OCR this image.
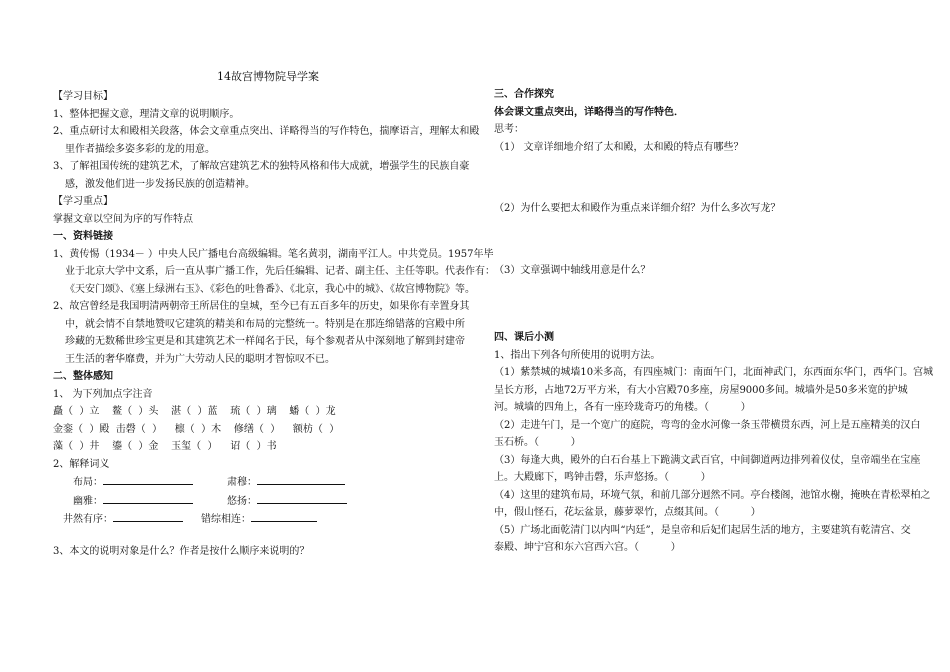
14故宫博物院导学案
【学习目标】
1、整体把握文意，理清文章的说明顺序。
2、重点研讨太和殿相关段落，体会文章重点突出、详略得当的写作特色，揣摩语言，理解太和殿
里作者描绘多姿多彩的龙的用意。
3、了解祖国传统的建筑艺术，了解故宫建筑艺术的独特风格和伟大成就，增强学生的民族自豪
感，激发他们进一步发扬民族的创造精神。
【学习重点】
掌握文章以空间为序的写作特点
一、资料链接
1、黄传惕（1934－ ）中央人民广播电台高级编辑。笔名黄羽，湖南平江人。中共党员。1957年毕
业于北京大学中文系，后一直从事广播工作，先后任编辑、记者、副主任、主任等职。代表作有：
《天安门颂》、《塞上绿洲右玉》、《彩色的吐鲁番》、《北京，我心中的城》、《故宫博物院》等。
2、故宫曾经是我国明清两朝帝王所居住的皇城，至今已有五百多年的历史，如果你有幸置身其
中，就会情不自禁地赞叹它建筑的精美和布局的完整统一。特别是在那连绵错落的宫殿中所
珍藏的无数稀世珍宝更是和其建筑艺术一样闻名于民，每个参观者从中深刻地了解到封建帝
王生活的奢华靡费，并为广大劳动人民的聪明才智惊叹不已。
二、整体感知
1、 为下列加点字注音
矗（  ）立    鳌（  ）头    湛（  ）蓝    琉（  ）璃    蟠（  ）龙
金銮（  ）殿  击磬（  ）    檩（  ）木    修缮（  ）    额枋（  ）
藻（  ）井    鎏（  ）金    玉玺（  ）    诏（  ）书
2、解释词义
布局：	肃穆：
幽雅：	悠扬：
井然有序：	错综相连：
3、本文的说明对象是什么？作者是按什么顺序来说明的？
三、合作探究
体会课文重点突出，详略得当的写作特色．
思考：
（1） 文章详细地介绍了太和殿，太和殿的特点有哪些？
（2）为什么要把太和殿作为重点来详细介绍？为什么多次写龙？
（3）文章强调中轴线用意是什么？
四、课后小测
1、指出下列各句所使用的说明方法。
（1）紫禁城的城墙10米多高，有四座城门：南面午门，北面神武门，东西面东华门，西华门。宫城
呈长方形，占地72万平方米，有大小宫殿70多座，房屋9000多间。城墙外是50多米宽的护城
河。城墙的四角上，各有一座玲珑奇巧的角楼。（          ）
（2）走进午门，是一个宽广的庭院，弯弯的金水河像一条玉带横贯东西，河上是五座精美的汉白
玉石桥。（          ）
（3）每逢大典，殿外的白石台基上下跪满文武百官，中间御道两边排列着仪仗，皇帝端坐在宝座
上。大殿廊下，鸣钟击磬，乐声悠扬。（          ）
（4）这里的建筑布局，环境气氛，和前几部分迥然不同。亭台楼阁，池馆水榭，掩映在青松翠柏之
中，假山怪石，花坛盆景，藤萝翠竹，点缀其间。（          ）
（5）广场北面乾清门以内叫“内廷”，是皇帝和后妃们起居生活的地方，主要建筑有乾清宫、交
泰殿、坤宁宫和东六宫西六宫。（          ）
